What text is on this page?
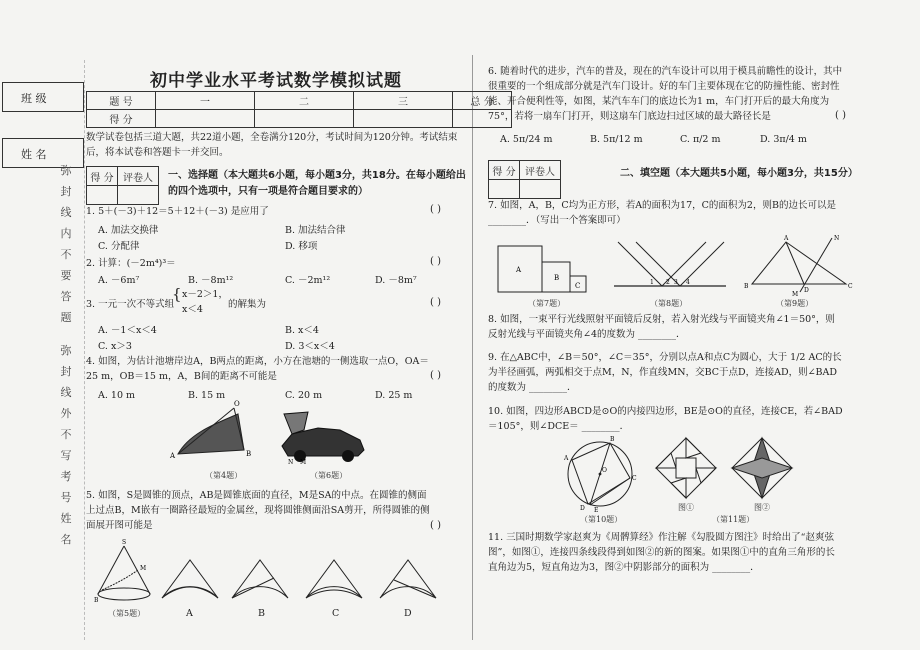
班 级
姓 名
弥封线内不要答题
弥封线外不写考号姓名
初中学业水平考试数学模拟试题
题 号	一	二	三	总 分
得 分				
数学试卷包括三道大题，共22道小题，全卷满分120分，考试时间为120分钟。考试结束后，将本试卷和答题卡一并交回。
得 分	评卷人
	一、选择题（本大题共6小题，每小题3分，共18分。在每小题给出的四个选项中，只有一项是符合题目要求的）
1. 5＋(－3)＋12＝5＋12＋(－3) 是应用了	( )
A. 加法交换律	B. 加法结合律
C. 分配律	D. 移项
2. 计算：(－2m⁴)³＝	( )
A. －6m⁷	B. －8m¹²	C. －2m¹²	D. －8m⁷
3. 一元一次不等式组
{ x－2＞1，
x＜4	的解集为	( )
A. －1＜x＜4	B. x＜4
C. x＞3	D. 3＜x＜4
4. 如图，为估计池塘岸边A，B两点的距离，小方在池塘的一侧选取一点O，OA＝25 m，OB＝15 m，A，B间的距离不可能是	( )
A. 10 m	B. 15 m	C. 20 m	D. 25 m
A	B
O
（第4题）
N M
（第6题）
5. 如图，S是圆锥的顶点，AB是圆锥底面的直径，M是SA的中点。在圆锥的侧面上过点B，M嵌有一圈路径最短的金属丝，现将圆锥侧面沿SA剪开，所得圆锥的侧面展开图可能是	( )
S
B
M
（第5题）	A	B	C	D
6. 随着时代的进步，汽车的普及，现在的汽车设计可以用于模具前瞻性的设计，其中很重要的一个组成部分就是汽车门设计。好的车门主要体现在它的防撞性能、密封性能、开合便利性等，如图，某汽车车门的底边长为1 m，车门打开后的最大角度为75°，若将一扇车门打开，则这扇车门底边扫过区域的最大路径长是	( )
A. 5π/24 m	B. 5π/12 m	C. π/2 m	D. 3π/4 m
得 分	评卷人
		二、填空题（本大题共5小题，每小题3分，共15分）
7. 如图，A，B，C均为正方形，若A的面积为17，C的面积为2，则B的边长可以是 ________．（写出一个答案即可）
A
B
C
（第7题）
1 2 3 4
（第8题）
A
B	C
D
N
M
（第9题）
8. 如图，一束平行光线照射平面镜后反射，若入射光线与平面镜夹角∠1＝50°，则反射光线与平面镜夹角∠4的度数为 ________．
9. 在△ABC中，∠B＝50°，∠C＝35°，分别以点A和点C为圆心，大于 1/2 AC的长为半径画弧，两弧相交于点M，N，作直线MN，交BC于点D，连接AD，则∠BAD的度数为 ________．
10. 如图，四边形ABCD是⊙O的内接四边形，BE是⊙O的直径，连接CE，若∠BAD＝105°，则∠DCE＝ ________．
A
B
C
D E
O
（第10题）
图①	图②
（第11题）
11. 三国时期数学家赵爽为《周髀算经》作注解《勾股圆方图注》时给出了“赵爽弦图”，如图①，连接四条线段得到如图②的新的图案。如果图①中的直角三角形的长直角边为5，短直角边为3，图②中阴影部分的面积为 ________．
